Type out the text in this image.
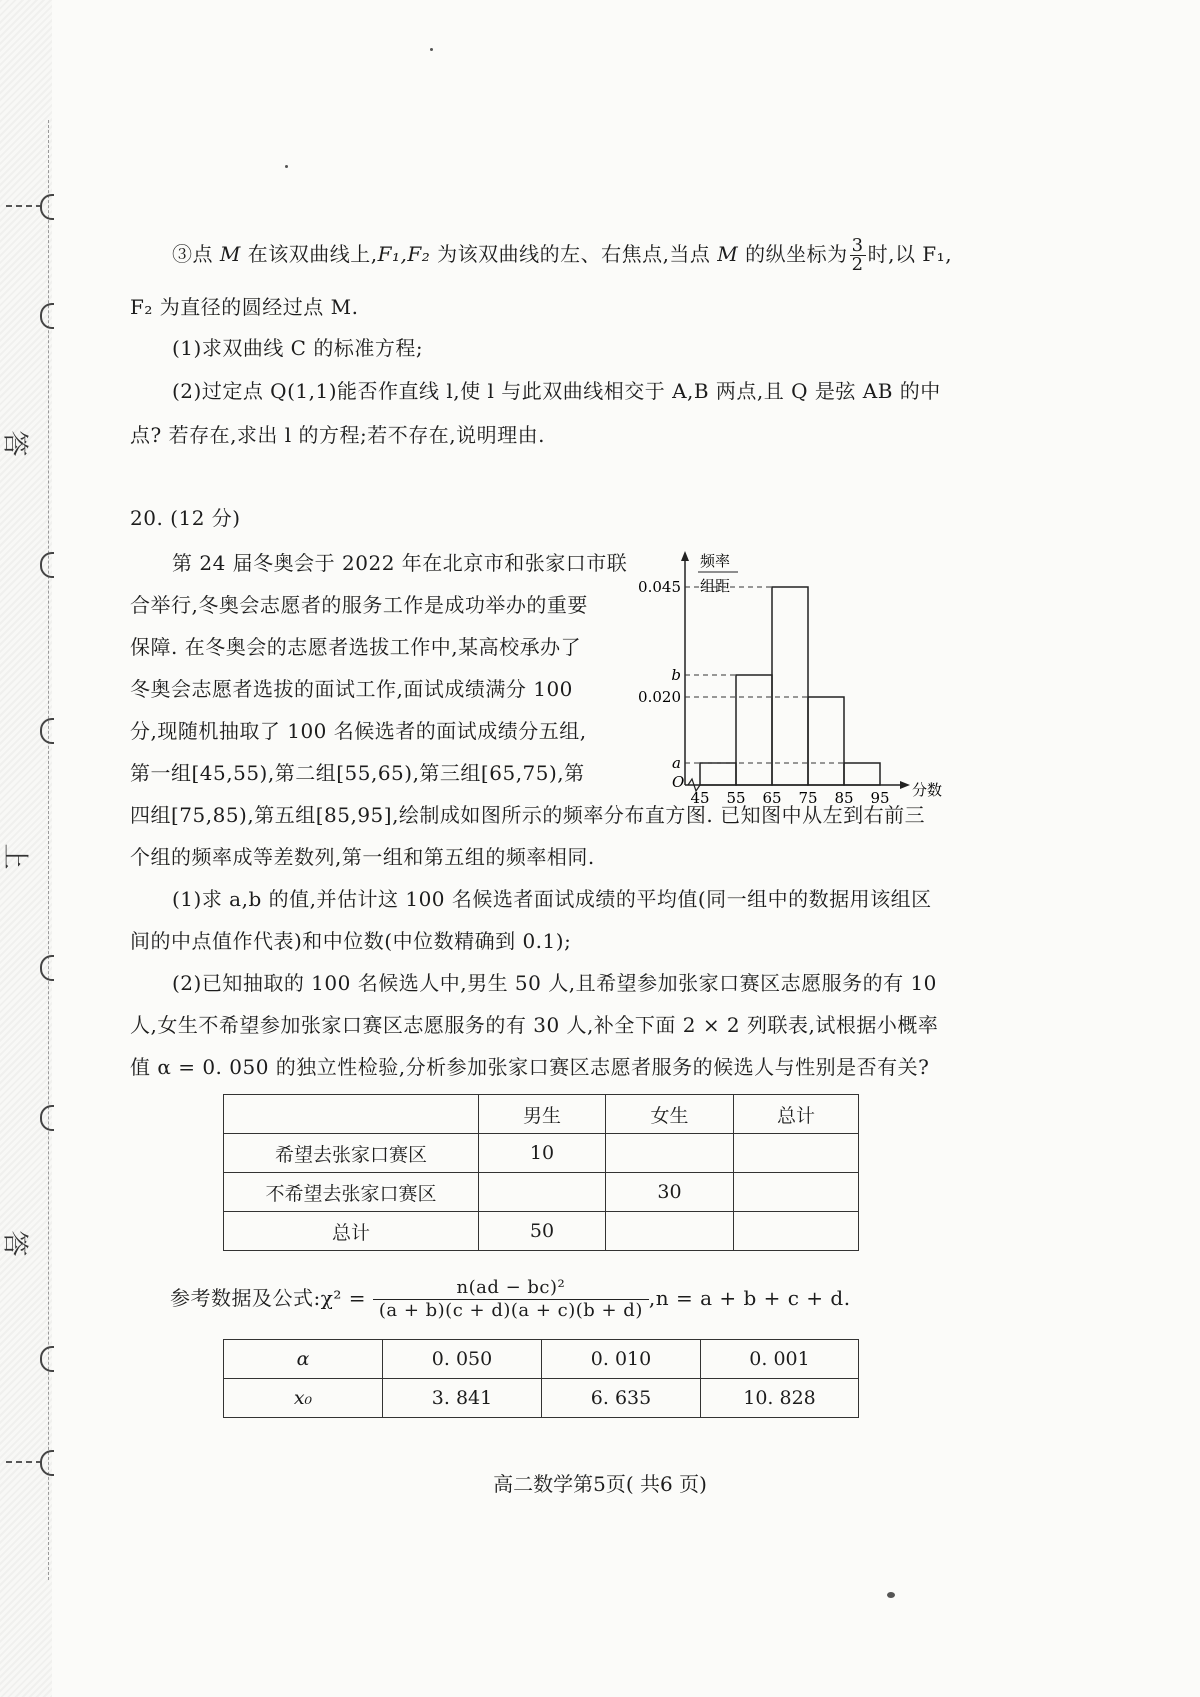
答
上
答
③点 M 在该双曲线上,F₁,F₂ 为该双曲线的左、右焦点,当点 M 的纵坐标为 $\frac{3}{2}$ 时,以 F₁,
F₂ 为直径的圆经过点 M.
(1)求双曲线 C 的标准方程;
(2)过定点 Q(1,1)能否作直线 l,使 l 与此双曲线相交于 A,B 两点,且 Q 是弦 AB 的中
点? 若存在,求出 l 的方程;若不存在,说明理由.
20. (12 分)
第 24 届冬奥会于 2022 年在北京市和张家口市联
合举行,冬奥会志愿者的服务工作是成功举办的重要
保障. 在冬奥会的志愿者选拔工作中,某高校承办了
冬奥会志愿者选拔的面试工作,面试成绩满分 100
分,现随机抽取了 100 名候选者的面试成绩分五组,
第一组[45,55),第二组[55,65),第三组[65,75),第
四组[75,85),第五组[85,95],绘制成如图所示的频率分布直方图. 已知图中从左到右前三
个组的频率成等差数列,第一组和第五组的频率相同.
(1)求 a,b 的值,并估计这 100 名候选者面试成绩的平均值(同一组中的数据用该组区
间的中点值作代表)和中位数(中位数精确到 0.1);
(2)已知抽取的 100 名候选人中,男生 50 人,且希望参加张家口赛区志愿服务的有 10
人,女生不希望参加张家口赛区志愿服务的有 30 人,补全下面 2 × 2 列联表,试根据小概率
值 α = 0. 050 的独立性检验,分析参加张家口赛区志愿者服务的候选人与性别是否有关?
频率
组距
分数
O
0.045
b
0.020
a
45 55 65 75 85 95
	男生	女生	总计
希望去张家口赛区	10		
不希望去张家口赛区		30	
总计	50		
参考数据及公式:χ² = $\frac{\text{n(ad − bc)²}}{(a + b)(c + d)(a + c)(b + d)} ,n = a + b + c + d$.
α	0. 050	0. 010	0. 001
x₀	3. 841	6. 635	10. 828
高二数学第5页( 共6 页)
